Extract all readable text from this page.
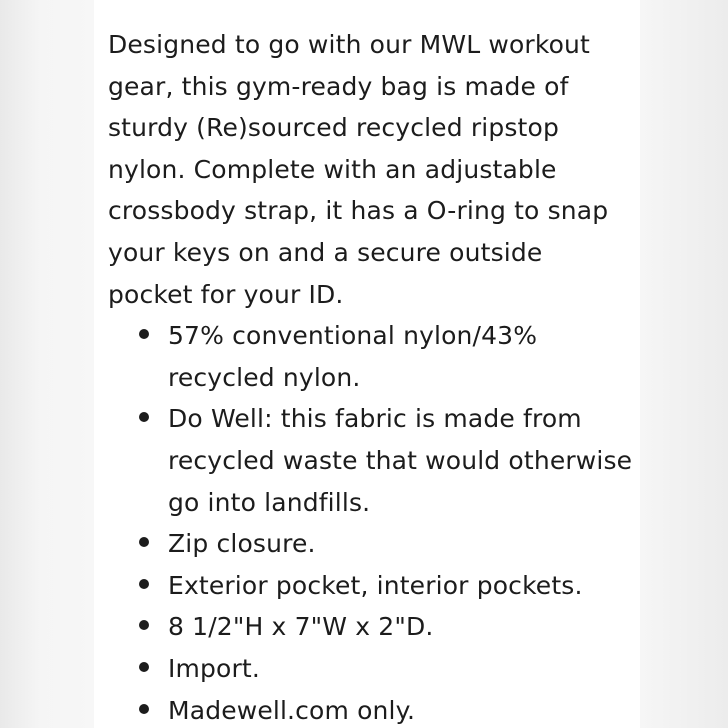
Designed to go with our MWL workout gear, this gym-ready bag is made of sturdy (Re)sourced recycled ripstop nylon. Complete with an adjustable crossbody strap, it has a O-ring to snap your keys on and a secure outside pocket for your ID.

57% conventional nylon/43% recycled nylon.
Do Well: this fabric is made from recycled waste that would otherwise go into landfills.
Zip closure.
Exterior pocket, interior pockets.
8 1/2"H x 7"W x 2"D.
Import.
Madewell.com only.
